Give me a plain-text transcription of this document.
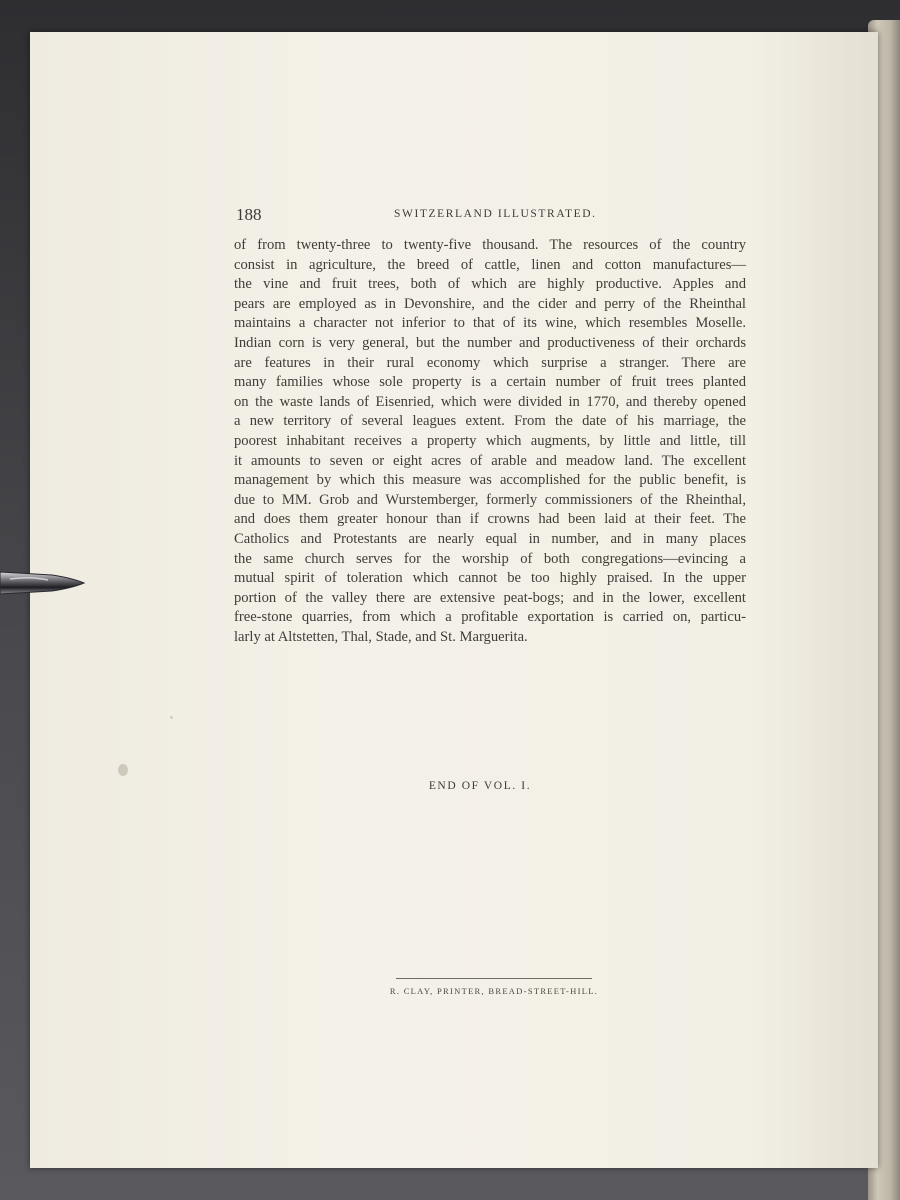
188	SWITZERLAND ILLUSTRATED.

of from twenty-three to twenty-five thousand. The resources of the country
consist in agriculture, the breed of cattle, linen and cotton manufactures—
the vine and fruit trees, both of which are highly productive. Apples and
pears are employed as in Devonshire, and the cider and perry of the Rheinthal
maintains a character not inferior to that of its wine, which resembles Moselle.
Indian corn is very general, but the number and productiveness of their orchards
are features in their rural economy which surprise a stranger. There are
many families whose sole property is a certain number of fruit trees planted
on the waste lands of Eisenried, which were divided in 1770, and thereby opened
a new territory of several leagues extent. From the date of his marriage, the
poorest inhabitant receives a property which augments, by little and little, till
it amounts to seven or eight acres of arable and meadow land. The excellent
management by which this measure was accomplished for the public benefit, is
due to MM. Grob and Wurstemberger, formerly commissioners of the Rheinthal,
and does them greater honour than if crowns had been laid at their feet. The
Catholics and Protestants are nearly equal in number, and in many places
the same church serves for the worship of both congregations—evincing a
mutual spirit of toleration which cannot be too highly praised. In the upper
portion of the valley there are extensive peat-bogs; and in the lower, excellent
free-stone quarries, from which a profitable exportation is carried on, particu-
larly at Altstetten, Thal, Stade, and St. Marguerita.

END OF VOL. I.
R. CLAY, PRINTER, BREAD-STREET-HILL.
